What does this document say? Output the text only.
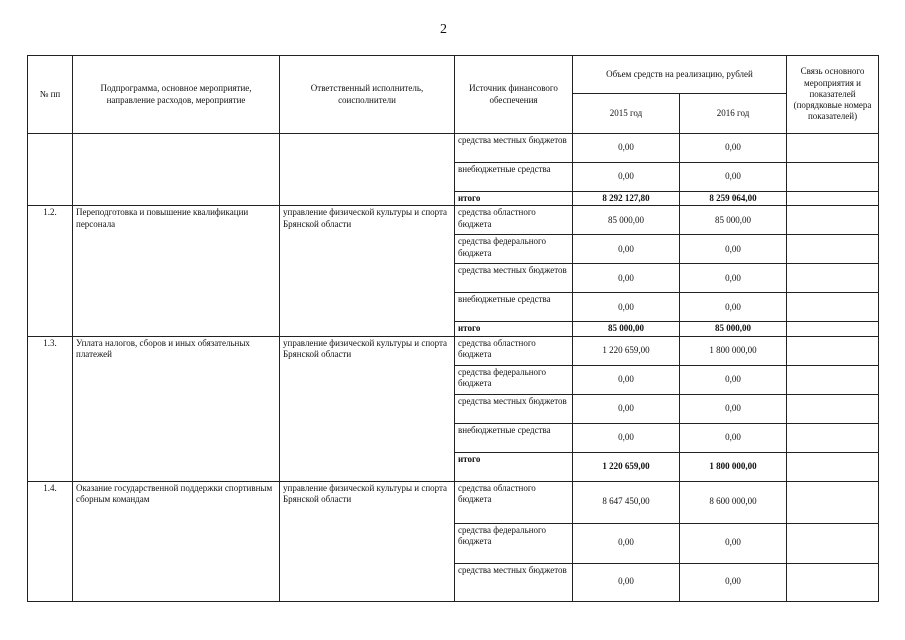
2
№ пп	Подпрограмма, основное мероприятие, направление расходов, мероприятие	Ответственный исполнитель, соисполнители	Источник финансового обеспечения	Объем средств на реализацию, рублей		Связь основного мероприятия и показателей (порядковые номера показателей)
				2015 год	2016 год	
			средства местных бюджетов	0,00	0,00	
			внебюджетные средства	0,00	0,00	
			итого	8 292 127,80	8 259 064,00	
1.2.	Переподготовка и повышение квалификации персонала	управление физической культуры и спорта Брянской области	средства областного бюджета	85 000,00	85 000,00	
			средства федерального бюджета	0,00	0,00	
			средства местных бюджетов	0,00	0,00	
			внебюджетные средства	0,00	0,00	
			итого	85 000,00	85 000,00	
1.3.	Уплата налогов, сборов и иных обязательных платежей	управление физической культуры и спорта Брянской области	средства областного бюджета	1 220 659,00	1 800 000,00	
			средства федерального бюджета	0,00	0,00	
			средства местных бюджетов	0,00	0,00	
			внебюджетные средства	0,00	0,00	
			итого	1 220 659,00	1 800 000,00	
1.4.	Оказание государственной поддержки спортивным сборным командам	управление физической культуры и спорта Брянской области	средства областного бюджета	8 647 450,00	8 600 000,00	
			средства федерального бюджета	0,00	0,00	
			средства местных бюджетов	0,00	0,00	
